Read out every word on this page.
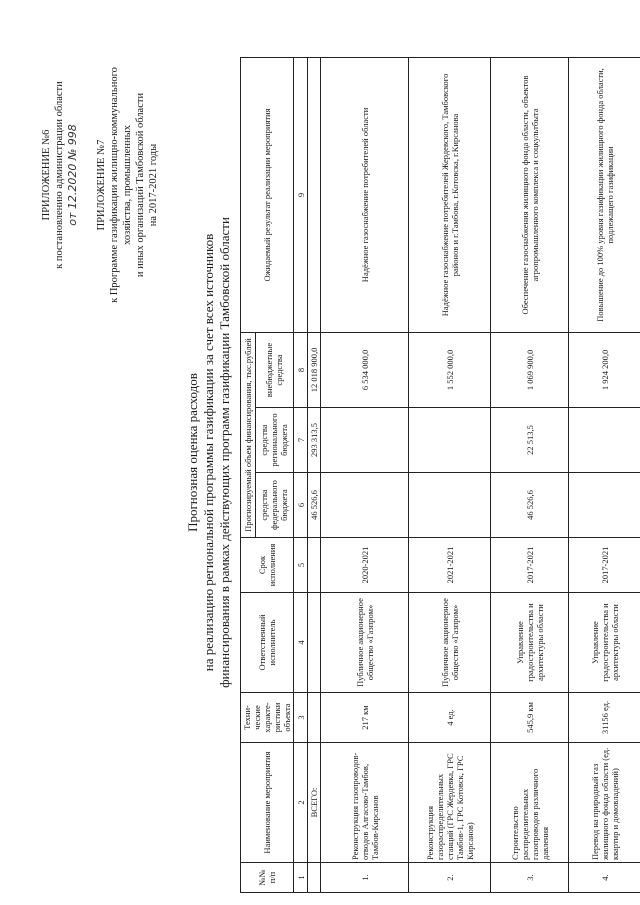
ПРИЛОЖЕНИЕ №6 к постановлению администрации области от 12.2020 № 998 ПРИЛОЖЕНИЕ №7 к Программе газификации жилищно-коммунального хозяйства, промышленных и иных организаций Тамбовской области на 2017-2021 годы
Прогнозная оценка расходов на реализацию региональной программы газификации за счет всех источников финансирования в рамках действующих программ газификации Тамбовской области
№№ п/п	Наименование мероприятия	Технические характеристики объекта	Ответственный исполнитель	Срок исполнения	Прогнозируемый объем финансирования, тыс.рублей			Ожидаемый результат реализации мероприятия
					средства федерального бюджета	средства регионального бюджета	внебюджетные средства	
1	2	3	4	5	6	7	8	9
	ВСЕГО:				46 526,6	293 313,5	12 018 900,0	
1.	Реконструкция газопроводов-отводов Алгасово-Тамбов, Тамбов-Кирсанов	217 км	Публичное акционерное общество «Газпром»	2020-2021			6 534 000,0	Надёжное газоснабжение потребителей области
2.	Реконструкция газораспределительных станций (ГРС Жердевка, ГРС Тамбов-1, ГРС Котовск, ГРС Кирсанов)	4 ед.	Публичное акционерное общество «Газпром»	2021-2021			1 552 000,0	Надёжное газоснабжение потребителей Жердевского, Тамбовского районов и г.Тамбова, г.Котовска, г.Кирсанова
3.	Строительство распределительных газопроводов различного давления	545,9 км	Управление градостроительства и архитектуры области	2017-2021	46 526,6	22 513,5	1 069 900,0	Обеспечение газоснабжения жилищного фонда области, объектов агропромышленного комплекса и соцкультбыта
4.	Перевод на природный газ жилищного фонда области (ед. квартир и домовладений)	31156 ед.	Управление градостроительства и архитектуры области	2017-2021			1 924 200,0	Повышение до 100% уровня газификации жилищного фонда области, подлежащего газификации
